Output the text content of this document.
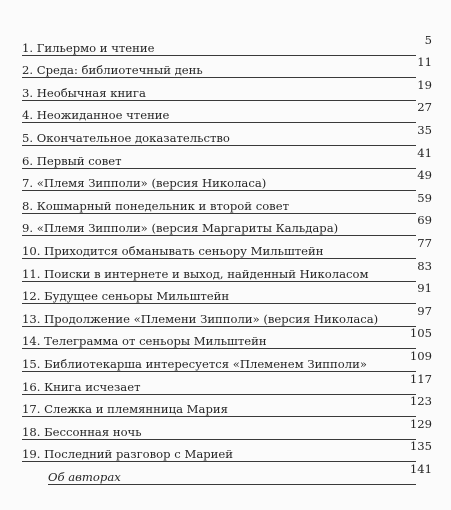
1. Гильермо и чтение
5
2. Среда: библиотечный день
11
3. Необычная книга
19
4. Неожиданное чтение
27
5. Окончательное доказательство
35
6. Первый совет
41
7. «Племя Зипполи» (версия Николаса)
49
8. Кошмарный понедельник и второй совет
59
9. «Племя Зипполи» (версия Маргариты Кальдара)
69
10. Приходится обманывать сеньору Мильштейн
77
11. Поиски в интернете и выход, найденный Николасом
83
12. Будущее сеньоры Мильштейн
91
13. Продолжение «Племени Зипполи» (версия Николаса)
97
14. Телеграмма от сеньоры Мильштейн
105
15. Библиотекарша интересуется «Племенем Зипполи»
109
16. Книга исчезает
117
17. Слежка и племянница Мария
123
18. Бессонная ночь
129
19. Последний разговор с Марией
135
Об авторах
141
